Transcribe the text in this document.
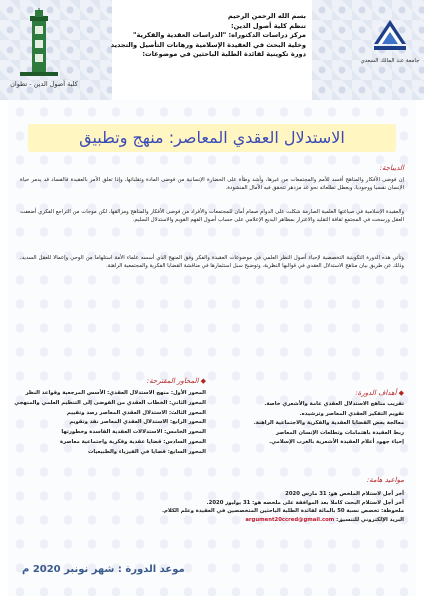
كلية أصول الدين - تطوان
جامعة عبد المالك السعدي
بسم الله الرحمن الرحيم
تنظم كلية أصول الدين:
مركز دراسات الدكتوراه: "الدراسات العقدية والفكرية"
وخلية البحث في العقيدة الإسلامية ورهانات التأصيل والتجديد
دورة تكوينية لفائدة الطلبة الباحثين في موضوعات:
الاستدلال العقدي المعاصر: منهج وتطبيق
الديباجة:
إن فوضى الأفكار والمناهج أفسد للأمم والمجتمعات من غيرها، وأشد وطأة على الحضارة الإنسانية من فوضى المادة وتقلباتها، وإذا تعلق الأمر بالعقيدة فالفساد قد يدمر حياة الإنسان نفسيا ووجوديا، ويعطل تطلعاته نحو غد مزدهر تتحقق فيه الآمال المنشودة.
والعقيدة الإسلامية في صياغتها العلمية الصارمة شكلت على الدوام صمام أمان للمجتمعات والأفراد من فوضى الأفكار والمناهج ومزالقها، لكن موجات من التراجع الفكري أضعفت العقل ورسخت في المجتمع ثقافة التقليد والاغترار بمظاهر البديع الإعلامي على حساب أصول الفهم القويم والاستدلال السليم.
وتأتي هذه الدورة التكوينية التخصصية لإحياء أصول النظر العلمي في موضوعات العقيدة والفكر وفق المنهج الذي أسسه علماء الأمة استلهاما من الوحي وإعمالا للعقل السديد، وذلك عن طريق بيان مناهج الاستدلال العقدي في قوالبها النظرية، وتوضيح سبل استثمارها في مناقشة القضايا الفكرية والمجتمعية الراهنة.
◆أهداف الدورة:
تقريب مناهج الاستدلال العقدي عامة والأشعري خاصة.
تقويم التفكير العقدي المعاصر وترشيده.
معالجة بعض القضايا العقدية والفكرية والاجتماعية الراهنة.
ربط العقيدة باهتمامات وتطلعات الإنسان المعاصر
إحياء جهود أعلام العقيدة الأشعرية بالغرب الإسلامي.
◆المحاور المقترحة:
المحور الأول: منهج الاستدلال العقدي: الأسس المرجعية وقواعد النظر
المحور الثاني: الخطاب العقدي من الفوضى إلى التنظيم العلمي والمنهجي
المحور الثالث: الاستدلال العقدي المعاصر رصد وتقييم
المحور الرابع: الاستدلال العقدي المعاصر نقد وتقويم
المحور الخامس: الاستدلالات العقدية الفاسدة وخطورتها
المحور السادس: قضايا عقدية وفكرية واجتماعية معاصرة
المحور السابع: قضايا في الفيزياء والطبيعيات
مواعيد هامة:
آخر أجل لاستلام الملخص هو: 31 مارس 2020
آخر أجل لاستلام البحث كاملا بعد الموافقة على ملخصه هو: 31 يوليوز 2020.
ملحوظة: تخصص نسبة 50 بالمائة لفائدة الطلبة الباحثين المتخصصين في العقيدة وعلم الكلام.
البريد الإلكتروني للتنسيق: argument20ccred@gmail.com
موعد الدورة : شهر نونبر 2020 م
